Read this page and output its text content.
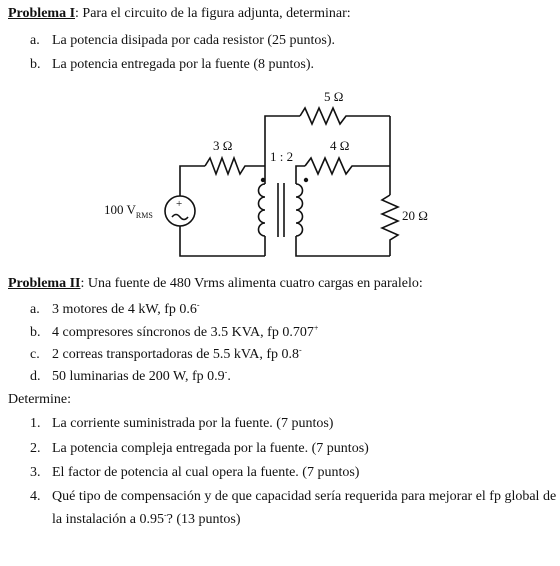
Problema I: Para el circuito de la figura adjunta, determinar:
a. La potencia disipada por cada resistor (25 puntos).
b. La potencia entregada por la fuente (8 puntos).
+
100 $V_{RMS}$
3 Ω
5 Ω
4 Ω
20 Ω
1 : 2
Problema II: Una fuente de 480 Vrms alimenta cuatro cargas en paralelo:
a. 3 motores de 4 kW, fp 0.6-
b. 4 compresores síncronos de 3.5 KVA, fp 0.707+
c. 2 correas transportadoras de 5.5 kVA, fp 0.8-
d. 50 luminarias de 200 W, fp 0.9-.
Determine:
1. La corriente suministrada por la fuente. (7 puntos)
2. La potencia compleja entregada por la fuente. (7 puntos)
3. El factor de potencia al cual opera la fuente. (7 puntos)
4. Qué tipo de compensación y de que capacidad sería requerida para mejorar el fp global de
la instalación a 0.95-? (13 puntos)
